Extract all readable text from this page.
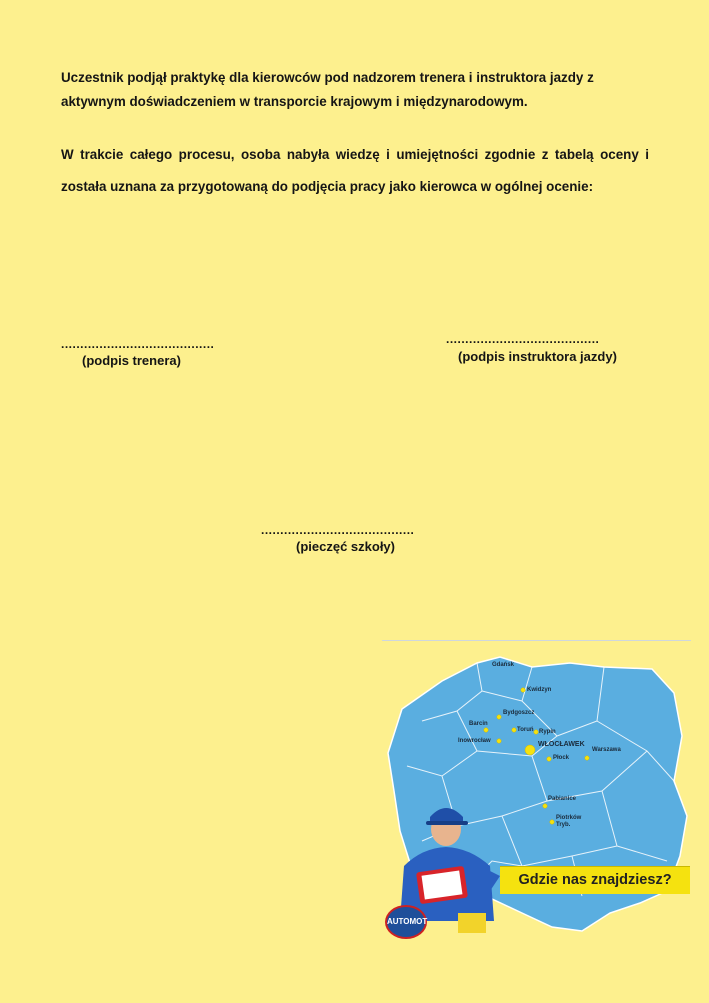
Uczestnik podjął praktykę dla kierowców pod nadzorem trenera i instruktora jazdy z aktywnym doświadczeniem w transporcie krajowym i międzynarodowym.
W trakcie całego procesu, osoba nabyła wiedzę i umiejętności zgodnie z tabelą oceny i została uznana za przygotowaną do podjęcia pracy jako kierowca w ogólnej ocenie:
........................................
(podpis trenera)
........................................
(podpis instruktora jazdy)
........................................
(pieczęć szkoły)
Gdańsk
Kwidzyn
Bydgoszcz
Barcin
Toruń Rypin
Inowrocław	WŁOCŁAWEK
Płock
Warszawa
Pabianice
Piotrków Tryb.
Gdzie nas znajdziesz?
AUTOMOT
